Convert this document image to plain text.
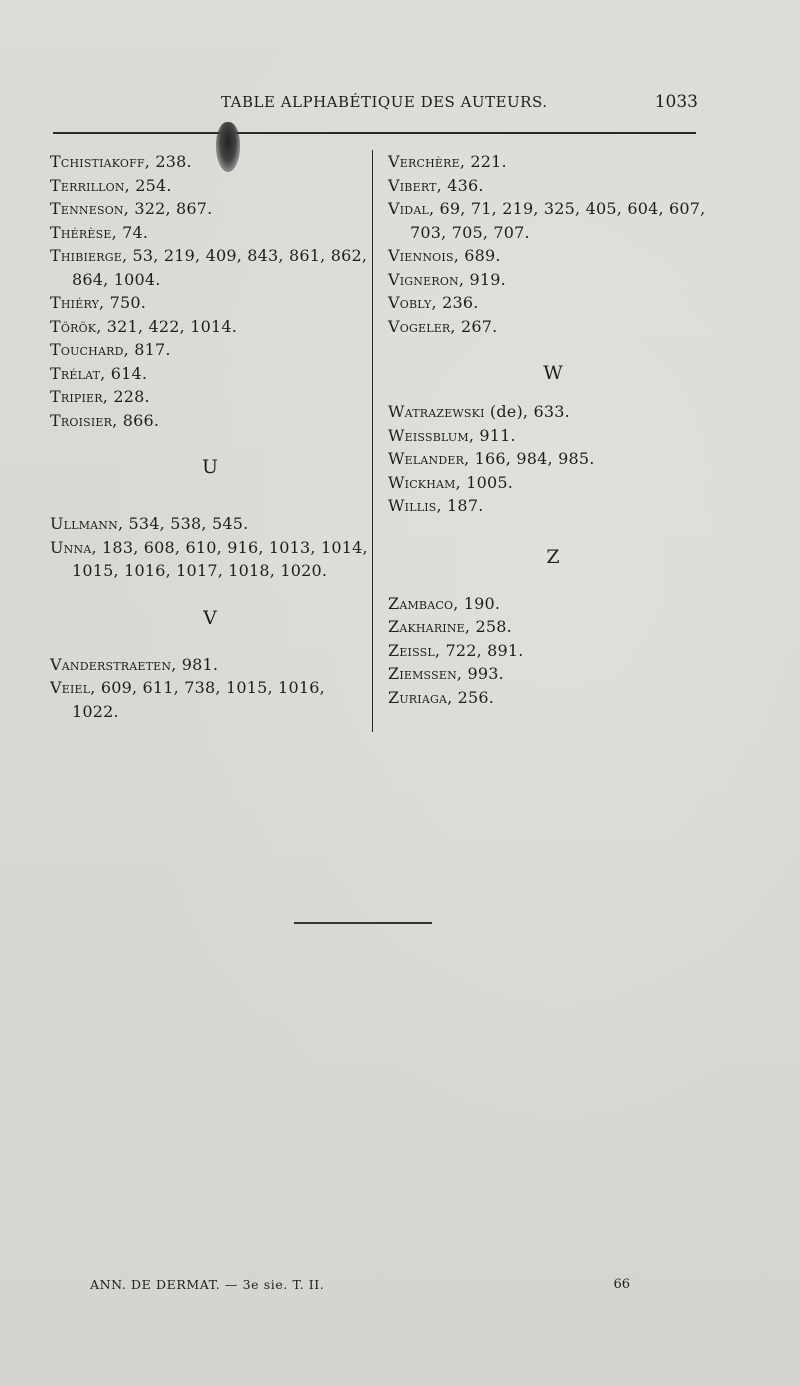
TABLE ALPHABÉTIQUE DES AUTEURS.	1033

Tchistiakoff, 238.

Terrillon, 254.

Tenneson, 322, 867.

Thérèse, 74.

Thibierge, 53, 219, 409, 843, 861, 862, 864, 1004.

Thiéry, 750.

Török, 321, 422, 1014.

Touchard, 817.

Trélat, 614.

Tripier, 228.

Troisier, 866.

U

Ullmann, 534, 538, 545.

Unna, 183, 608, 610, 916, 1013, 1014, 1015, 1016, 1017, 1018, 1020.

V

Vanderstraeten, 981.

Veiel, 609, 611, 738, 1015, 1016, 1022.

Verchère, 221.

Vibert, 436.

Vidal, 69, 71, 219, 325, 405, 604, 607, 703, 705, 707.

Viennois, 689.

Vigneron, 919.

Vobly, 236.

Vogeler, 267.

W

Watrazewski (de), 633.

Weissblum, 911.

Welander, 166, 984, 985.

Wickham, 1005.

Willis, 187.

Z

Zambaco, 190.

Zakharine, 258.

Zeissl, 722, 891.

Ziemssen, 993.

Zuriaga, 256.

ANN. DE DERMAT. — 3e sie. T. II.	66
